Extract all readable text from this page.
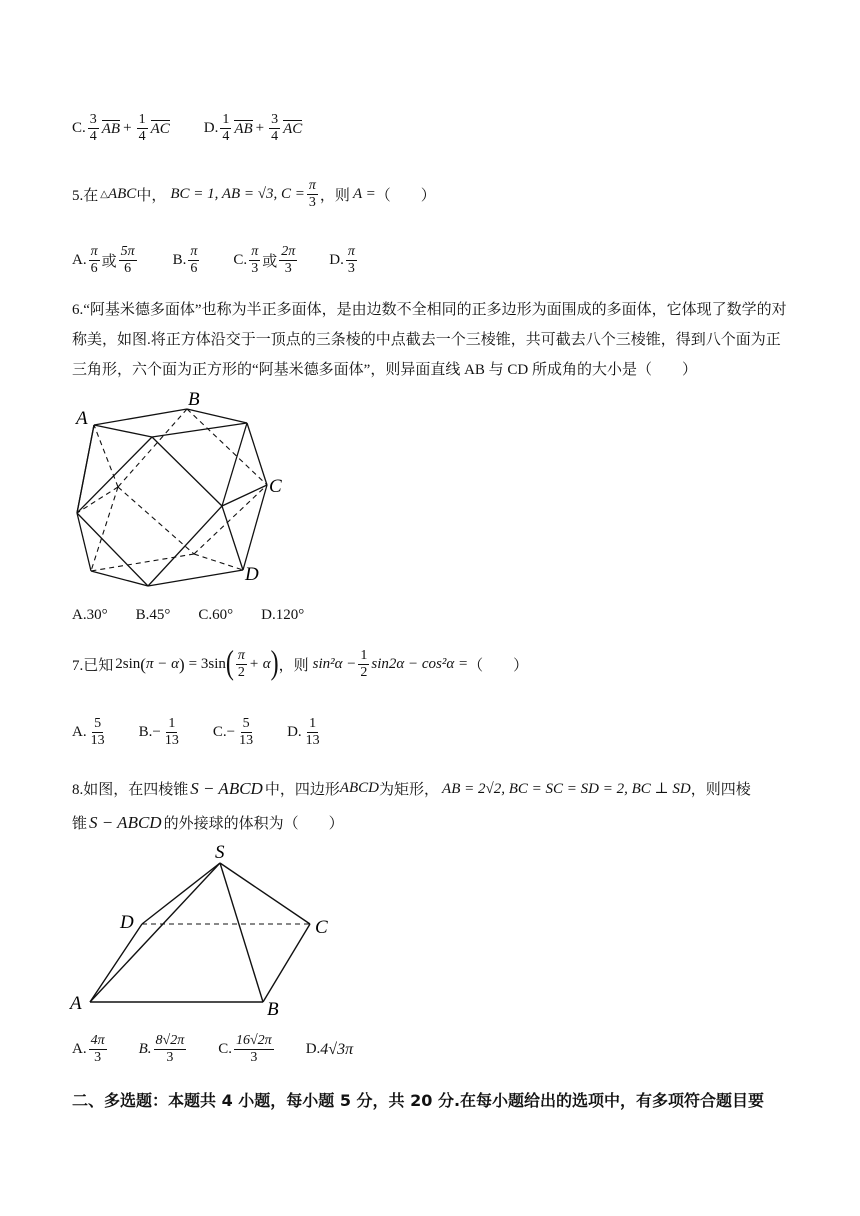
C. $\frac{3}{4}$ AB + $\frac{1}{4}$ AC D. $\frac{1}{4}$ AB + $\frac{3}{4}$ AC
5.在 △ ABC 中， BC = 1, AB = √3, $C = \frac{\pi}{3}$ ，则 A = （　　）
A. $\frac{\pi}{6}$ 或 $\frac{5\pi}{6} B$. $\frac{\pi}{6} C$. $\frac{\pi}{3}$ 或 $\frac{2\pi}{3} D$. $\frac{\pi}{3}$
6.“阿基米德多面体”也称为半正多面体，是由边数不全相同的正多边形为面围成的多面体，它体现了数学的对
称美，如图.将正方体沿交于一顶点的三条棱的中点截去一个三棱锥，共可截去八个三棱锥，得到八个面为正
三角形，六个面为正方形的“阿基米德多面体”，则异面直线 AB 与 CD 所成角的大小是（　　）
A
B
C
D
A.30° B.45° C.60° D.120°
7.已知 2sin ( π − α ) = 3sin ( $\frac{\pi}{2} + \alpha$ ) ，则 $\sin^2\alpha - \frac{1}{2} \sin 2\alpha - \cos^2\alpha$ = （　　）
A. $\frac{5}{13} B$. − $\frac{1}{13} C$. − $\frac{5}{13} D$. $\frac{1}{13}$
8.如图，在四棱锥 S − ABCD 中，四边形 ABCD 为矩形， AB = 2√2, BC = SC = SD = 2, BC ⊥ SD ，则四棱
锥 S − ABCD 的外接球的体积为（　　）
S
D	C
A	B
A. $\frac{4\pi}{3} B$. $\frac{8√2\pi}{3} C$. $\frac{16√2\pi}{3} D$. 4√3π
二、多选题：本题共 4 小题，每小题 5 分，共 20 分.在每小题给出的选项中，有多项符合题目要
